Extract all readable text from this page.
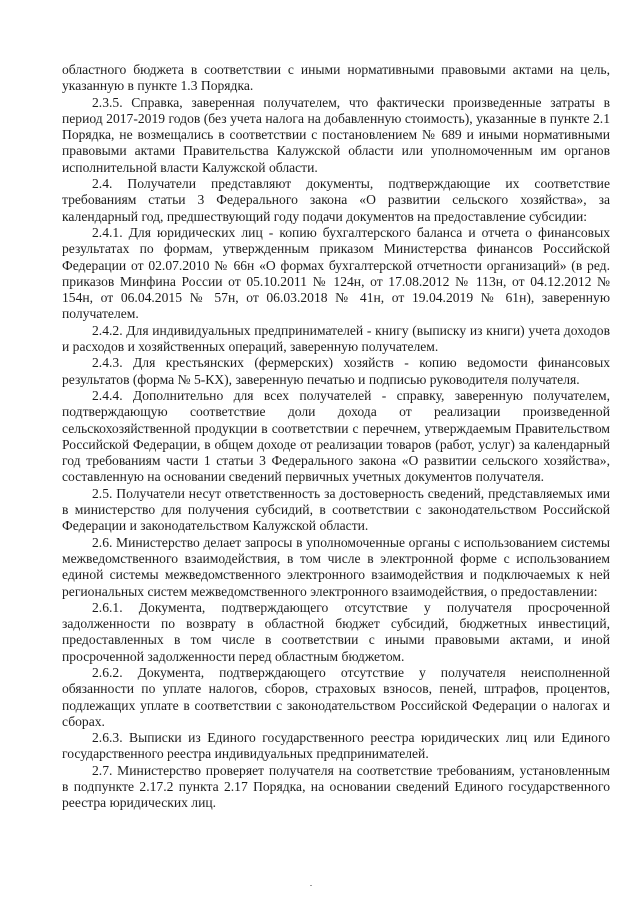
областного бюджета в соответствии с иными нормативными правовыми актами на цель, указанную в пункте 1.3 Порядка.

2.3.5. Справка, заверенная получателем, что фактически произведенные затраты в период 2017-2019 годов (без учета налога на добавленную стоимость), указанные в пункте 2.1 Порядка, не возмещались в соответствии с постановлением № 689 и иными нормативными правовыми актами Правительства Калужской области или уполномоченным им органов исполнительной власти Калужской области.

2.4. Получатели представляют документы, подтверждающие их соответствие требованиям статьи 3 Федерального закона «О развитии сельского хозяйства», за календарный год, предшествующий году подачи документов на предоставление субсидии:

2.4.1. Для юридических лиц - копию бухгалтерского баланса и отчета о финансовых результатах по формам, утвержденным приказом Министерства финансов Российской Федерации от 02.07.2010 № 66н «О формах бухгалтерской отчетности организаций» (в ред. приказов Минфина России от 05.10.2011 № 124н, от 17.08.2012 № 113н, от 04.12.2012 № 154н, от 06.04.2015 № 57н, от 06.03.2018 № 41н, от 19.04.2019 № 61н), заверенную получателем.

2.4.2. Для индивидуальных предпринимателей - книгу (выписку из книги) учета доходов и расходов и хозяйственных операций, заверенную получателем.

2.4.3. Для крестьянских (фермерских) хозяйств - копию ведомости финансовых результатов (форма № 5-КХ), заверенную печатью и подписью руководителя получателя.

2.4.4. Дополнительно для всех получателей - справку, заверенную получателем, подтверждающую соответствие доли дохода от реализации произведенной сельскохозяйственной продукции в соответствии с перечнем, утверждаемым Правительством Российской Федерации, в общем доходе от реализации товаров (работ, услуг) за календарный год требованиям части 1 статьи 3 Федерального закона «О развитии сельского хозяйства», составленную на основании сведений первичных учетных документов получателя.

2.5. Получатели несут ответственность за достоверность сведений, представляемых ими в министерство для получения субсидий, в соответствии с законодательством Российской Федерации и законодательством Калужской области.

2.6. Министерство делает запросы в уполномоченные органы с использованием системы межведомственного взаимодействия, в том числе в электронной форме с использованием единой системы межведомственного электронного взаимодействия и подключаемых к ней региональных систем межведомственного электронного взаимодействия, о предоставлении:

2.6.1. Документа, подтверждающего отсутствие у получателя просроченной задолженности по возврату в областной бюджет субсидий, бюджетных инвестиций, предоставленных в том числе в соответствии с иными правовыми актами, и иной просроченной задолженности перед областным бюджетом.

2.6.2. Документа, подтверждающего отсутствие у получателя неисполненной обязанности по уплате налогов, сборов, страховых взносов, пеней, штрафов, процентов, подлежащих уплате в соответствии с законодательством Российской Федерации о налогах и сборах.

2.6.3. Выписки из Единого государственного реестра юридических лиц или Единого государственного реестра индивидуальных предпринимателей.

2.7. Министерство проверяет получателя на соответствие требованиям, установленным в подпункте 2.17.2 пункта 2.17 Порядка, на основании сведений Единого государственного реестра юридических лиц.
